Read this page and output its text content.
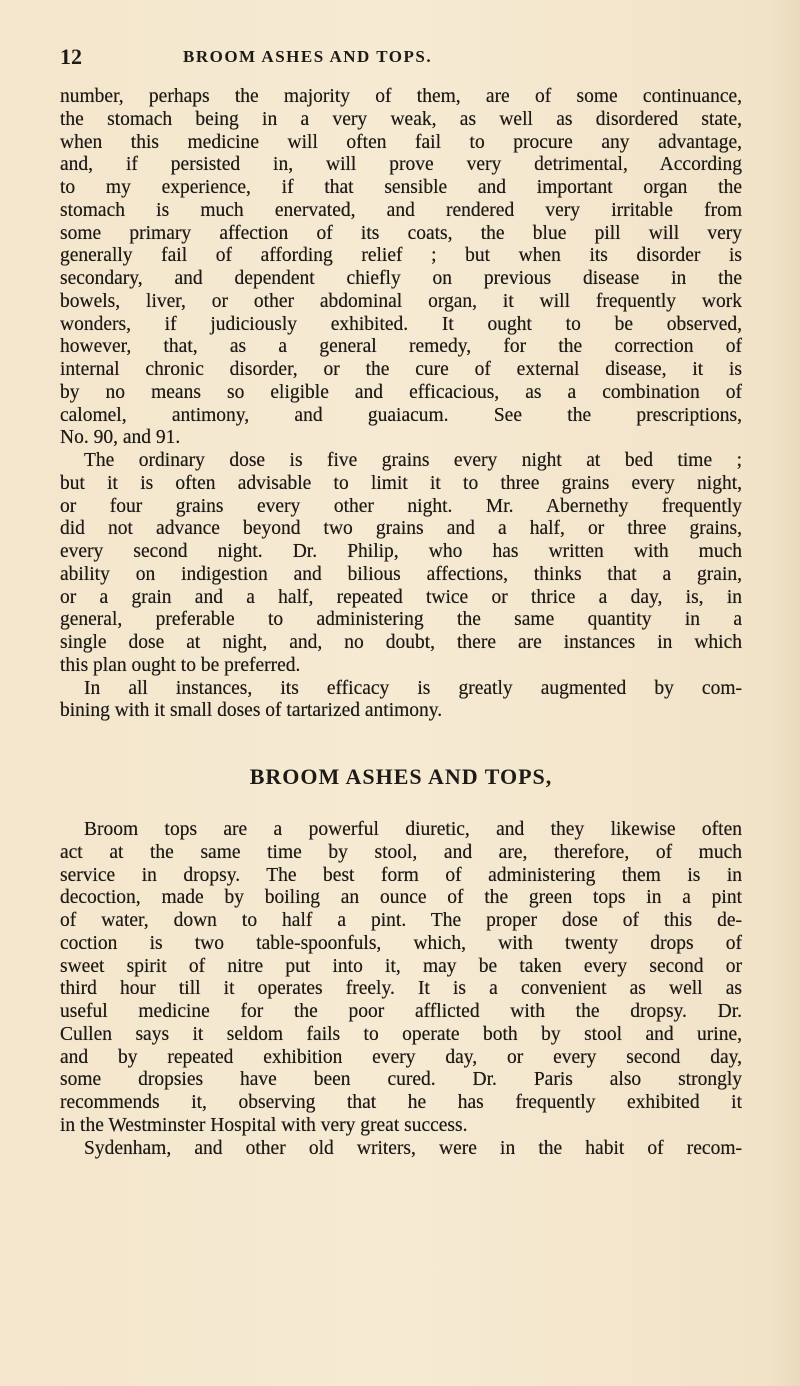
12	BROOM ASHES AND TOPS.
number, perhaps the majority of them, are of some continuance,
the stomach being in a very weak, as well as disordered state,
when this medicine will often fail to procure any advantage,
and, if persisted in, will prove very detrimental, According
to my experience, if that sensible and important organ the
stomach is much enervated, and rendered very irritable from
some primary affection of its coats, the blue pill will very
generally fail of affording relief ; but when its disorder is
secondary, and dependent chiefly on previous disease in the
bowels, liver, or other abdominal organ, it will frequently work
wonders, if judiciously exhibited. It ought to be observed,
however, that, as a general remedy, for the correction of
internal chronic disorder, or the cure of external disease, it is
by no means so eligible and efficacious, as a combination of
calomel, antimony, and guaiacum. See the prescriptions,
No. 90, and 91.
The ordinary dose is five grains every night at bed time ;
but it is often advisable to limit it to three grains every night,
or four grains every other night. Mr. Abernethy frequently
did not advance beyond two grains and a half, or three grains,
every second night. Dr. Philip, who has written with much
ability on indigestion and bilious affections, thinks that a grain,
or a grain and a half, repeated twice or thrice a day, is, in
general, preferable to administering the same quantity in a
single dose at night, and, no doubt, there are instances in which
this plan ought to be preferred.
In all instances, its efficacy is greatly augmented by com-
bining with it small doses of tartarized antimony.
BROOM ASHES AND TOPS,
Broom tops are a powerful diuretic, and they likewise often
act at the same time by stool, and are, therefore, of much
service in dropsy. The best form of administering them is in
decoction, made by boiling an ounce of the green tops in a pint
of water, down to half a pint. The proper dose of this de-
coction is two table-spoonfuls, which, with twenty drops of
sweet spirit of nitre put into it, may be taken every second or
third hour till it operates freely. It is a convenient as well as
useful medicine for the poor afflicted with the dropsy. Dr.
Cullen says it seldom fails to operate both by stool and urine,
and by repeated exhibition every day, or every second day,
some dropsies have been cured. Dr. Paris also strongly
recommends it, observing that he has frequently exhibited it
in the Westminster Hospital with very great success.
Sydenham, and other old writers, were in the habit of recom-
